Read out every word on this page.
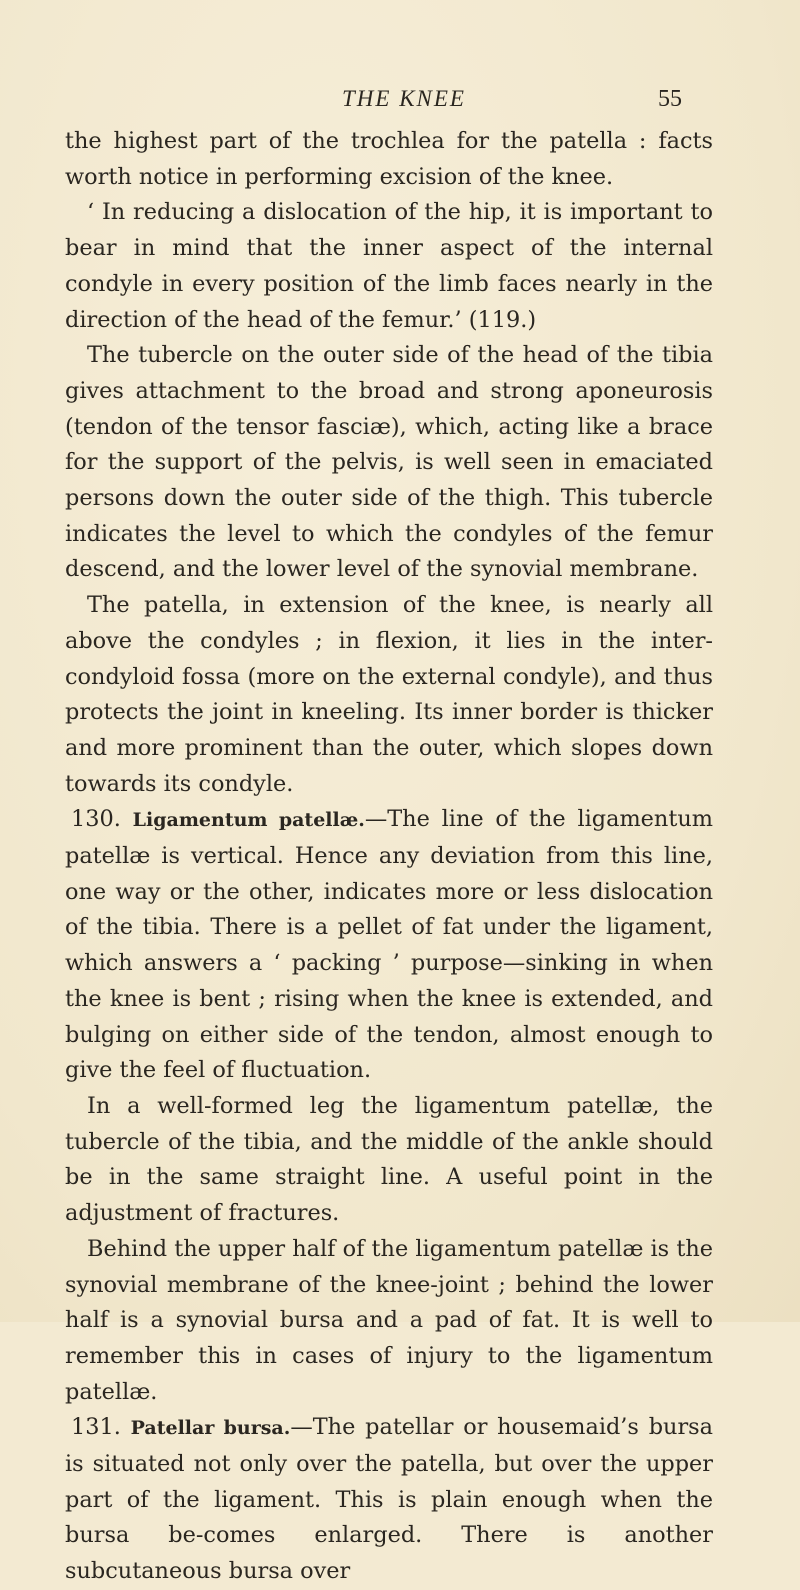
THE KNEE	55

the highest part of the trochlea for the patella : facts worth notice in performing excision of the knee.

‘ In reducing a dislocation of the hip, it is important to bear in mind that the inner aspect of the internal condyle in every position of the limb faces nearly in the direction of the head of the femur.’ (119.)

The tubercle on the outer side of the head of the tibia gives attachment to the broad and strong aponeurosis (tendon of the tensor fasciæ), which, acting like a brace for the support of the pelvis, is well seen in emaciated persons down the outer side of the thigh. This tubercle indicates the level to which the condyles of the femur descend, and the lower level of the synovial membrane.

The patella, in extension of the knee, is nearly all above the condyles ; in flexion, it lies in the inter-condyloid fossa (more on the external condyle), and thus protects the joint in kneeling. Its inner border is thicker and more prominent than the outer, which slopes down towards its condyle.

130. Ligamentum patellæ.—The line of the ligamentum patellæ is vertical. Hence any deviation from this line, one way or the other, indicates more or less dislocation of the tibia. There is a pellet of fat under the ligament, which answers a ‘ packing ’ purpose—sinking in when the knee is bent ; rising when the knee is extended, and bulging on either side of the tendon, almost enough to give the feel of fluctuation.

In a well-formed leg the ligamentum patellæ, the tubercle of the tibia, and the middle of the ankle should be in the same straight line. A useful point in the adjustment of fractures.

Behind the upper half of the ligamentum patellæ is the synovial membrane of the knee-joint ; behind the lower half is a synovial bursa and a pad of fat. It is well to remember this in cases of injury to the ligamentum patellæ.

131. Patellar bursa.—The patellar or housemaid’s bursa is situated not only over the patella, but over the upper part of the ligament. This is plain enough when the bursa be-comes enlarged. There is another subcutaneous bursa over
